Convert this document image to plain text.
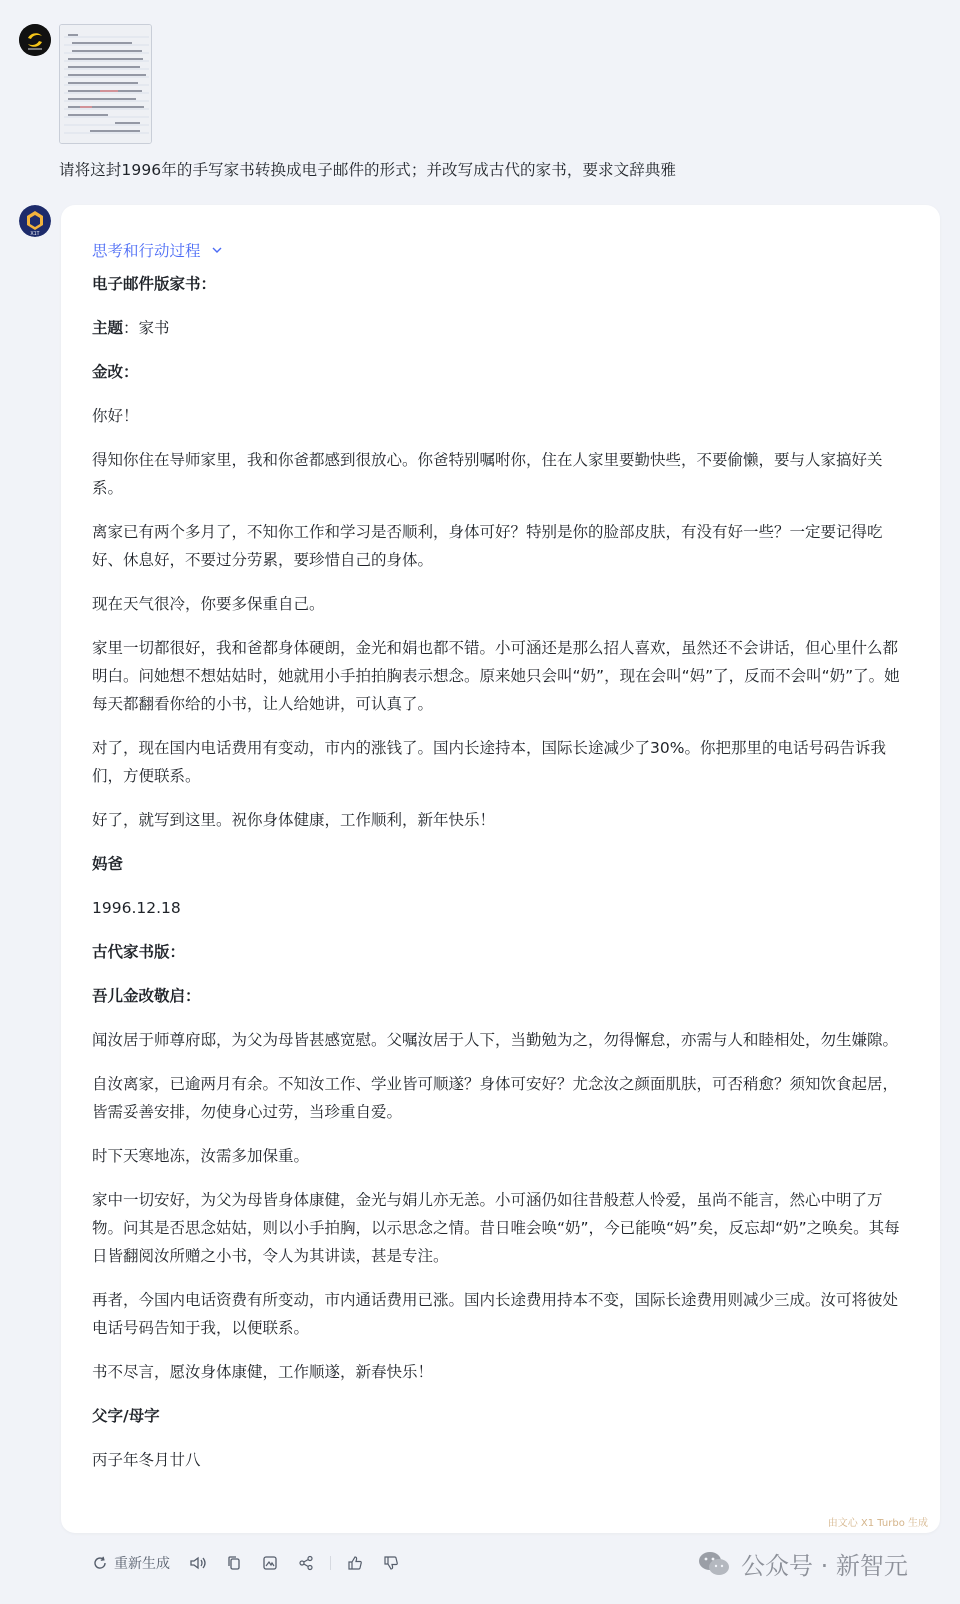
请将这封1996年的手写家书转换成电子邮件的形式；并改写成古代的家书，要求文辞典雅
X1T
思考和行动过程

电子邮件版家书：

主题：家书

金改：

你好！

得知你住在导师家里，我和你爸都感到很放心。你爸特别嘱咐你，住在人家里要勤快些，不要偷懒，要与人家搞好关系。

离家已有两个多月了，不知你工作和学习是否顺利，身体可好？特别是你的脸部皮肤，有没有好一些？一定要记得吃好、休息好，不要过分劳累，要珍惜自己的身体。

现在天气很冷，你要多保重自己。

家里一切都很好，我和爸都身体硬朗，金光和娟也都不错。小可涵还是那么招人喜欢，虽然还不会讲话，但心里什么都明白。问她想不想姑姑时，她就用小手拍拍胸表示想念。原来她只会叫“奶”，现在会叫“妈”了，反而不会叫“奶”了。她每天都翻看你给的小书，让人给她讲，可认真了。

对了，现在国内电话费用有变动，市内的涨钱了。国内长途持本，国际长途减少了30%。你把那里的电话号码告诉我们，方便联系。

好了，就写到这里。祝你身体健康，工作顺利，新年快乐！

妈爸

1996.12.18

古代家书版：

吾儿金改敬启：

闻汝居于师尊府邸，为父为母皆甚感宽慰。父嘱汝居于人下，当勤勉为之，勿得懈怠，亦需与人和睦相处，勿生嫌隙。

自汝离家，已逾两月有余。不知汝工作、学业皆可顺遂？身体可安好？尤念汝之颜面肌肤，可否稍愈？须知饮食起居，皆需妥善安排，勿使身心过劳，当珍重自爱。

时下天寒地冻，汝需多加保重。

家中一切安好，为父为母皆身体康健，金光与娟儿亦无恙。小可涵仍如往昔般惹人怜爱，虽尚不能言，然心中明了万物。问其是否思念姑姑，则以小手拍胸，以示思念之情。昔日唯会唤“奶”，今已能唤“妈”矣，反忘却“奶”之唤矣。其每日皆翻阅汝所赠之小书，令人为其讲读，甚是专注。

再者，今国内电话资费有所变动，市内通话费用已涨。国内长途费用持本不变，国际长途费用则减少三成。汝可将彼处电话号码告知于我，以便联系。

书不尽言，愿汝身体康健，工作顺遂，新春快乐！

父字/母字

丙子年冬月廿八

由文心 X1 Turbo 生成
重新生成	公众号 · 新智元
